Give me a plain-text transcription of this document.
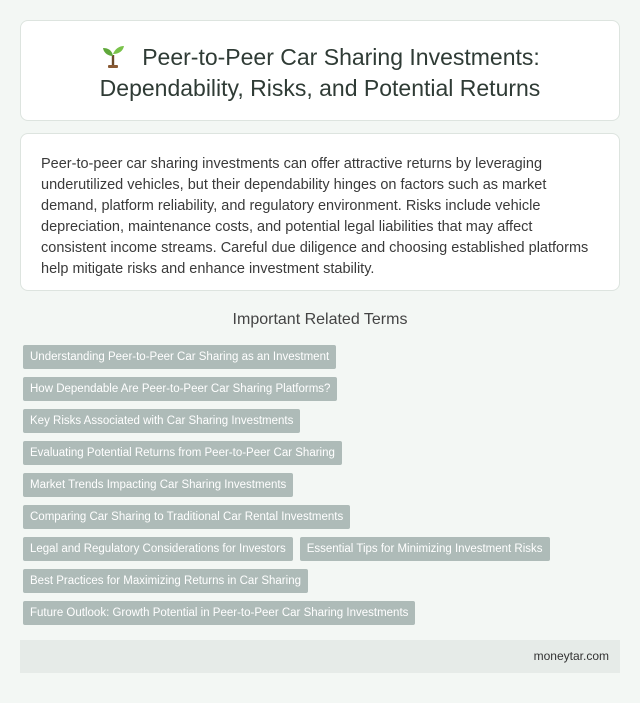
Peer-to-Peer Car Sharing Investments:
Dependability, Risks, and Potential Returns

Peer-to-peer car sharing investments can offer attractive returns by leveraging underutilized vehicles, but their dependability hinges on factors such as market demand, platform reliability, and regulatory environment. Risks include vehicle depreciation, maintenance costs, and potential legal liabilities that may affect consistent income streams. Careful due diligence and choosing established platforms help mitigate risks and enhance investment stability.

Important Related Terms
Understanding Peer-to-Peer Car Sharing as an Investment
How Dependable Are Peer-to-Peer Car Sharing Platforms?
Key Risks Associated with Car Sharing Investments
Evaluating Potential Returns from Peer-to-Peer Car Sharing
Market Trends Impacting Car Sharing Investments
Comparing Car Sharing to Traditional Car Rental Investments
Legal and Regulatory Considerations for Investors Essential Tips for Minimizing Investment Risks
Best Practices for Maximizing Returns in Car Sharing
Future Outlook: Growth Potential in Peer-to-Peer Car Sharing Investments
moneytar.com
